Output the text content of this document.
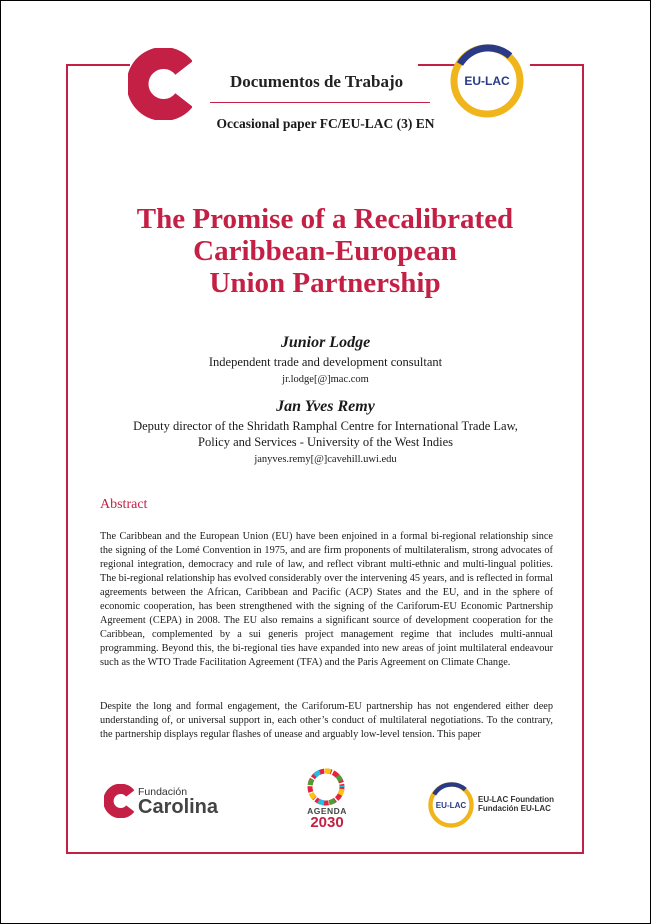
Documentos de Trabajo	EU-LAC
Occasional paper FC/EU-LAC (3) EN
The Promise of a Recalibrated
Caribbean-European
Union Partnership
Junior Lodge
Independent trade and development consultant
jr.lodge[@]mac.com
Jan Yves Remy
Deputy director of the Shridath Ramphal Centre for International Trade Law,
Policy and Services - University of the West Indies
janyves.remy[@]cavehill.uwi.edu
Abstract
The Caribbean and the European Union (EU) have been enjoined in a formal bi-regional relationship since the signing of the Lomé Convention in 1975, and are firm proponents of multilateralism, strong advocates of regional integration, democracy and rule of law, and reflect vibrant multi-ethnic and multi-lingual polities. The bi-regional relationship has evolved considerably over the intervening 45 years, and is reflected in formal agreements between the African, Caribbean and Pacific (ACP) States and the EU, and in the sphere of economic cooperation, has been strengthened with the signing of the Cariforum-EU Economic Partnership Agreement (CEPA) in 2008. The EU also remains a significant source of development cooperation for the Caribbean, complemented by a sui generis project management regime that includes multi-annual programming. Beyond this, the bi-regional ties have expanded into new areas of joint multilateral endeavour such as the WTO Trade Facilitation Agreement (TFA) and the Paris Agreement on Climate Change.
Despite the long and formal engagement, the Cariforum-EU partnership has not engendered either deep understanding of, or universal support in, each other’s conduct of multilateral negotiations. To the contrary, the partnership displays regular flashes of unease and arguably low-level tension. This paper
Fundación
Carolina	AGENDA
2030
EU-LAC
EU-LAC Foundation
Fundación EU-LAC
